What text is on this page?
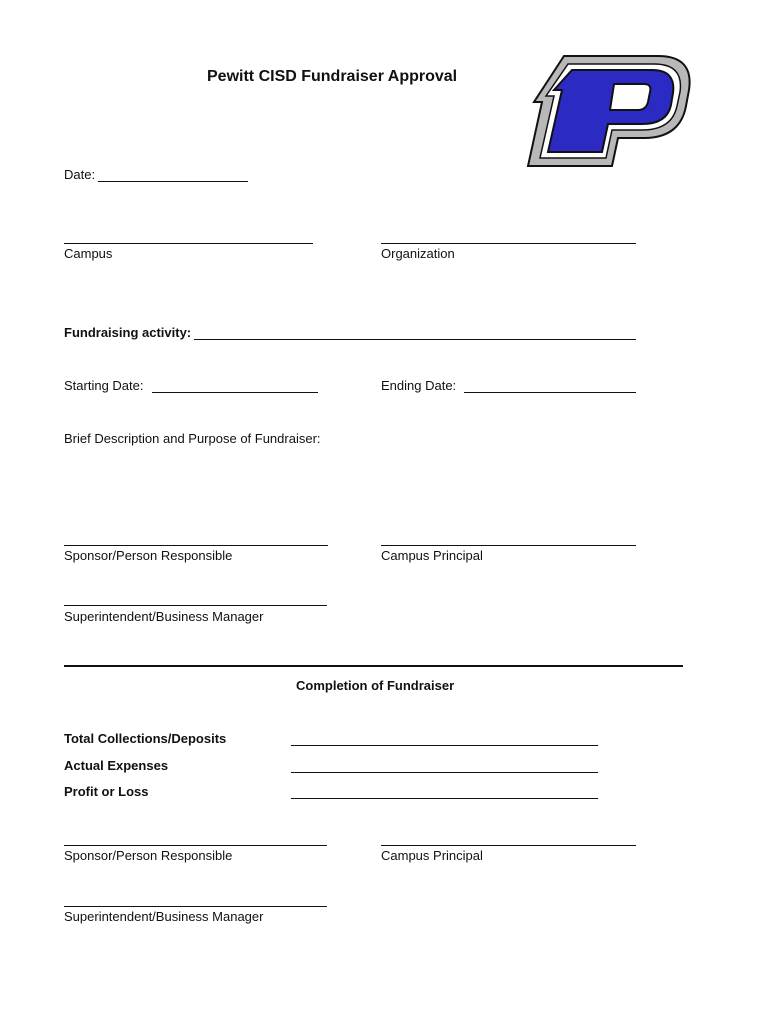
Pewitt CISD Fundraiser Approval
Date:
Campus	Organization
Fundraising activity:
Starting Date:	Ending Date:
Brief Description and Purpose of Fundraiser:
Sponsor/Person Responsible	Campus Principal
Superintendent/Business Manager
Completion of Fundraiser
Total Collections/Deposits
Actual Expenses
Profit or Loss
Sponsor/Person Responsible	Campus Principal
Superintendent/Business Manager
